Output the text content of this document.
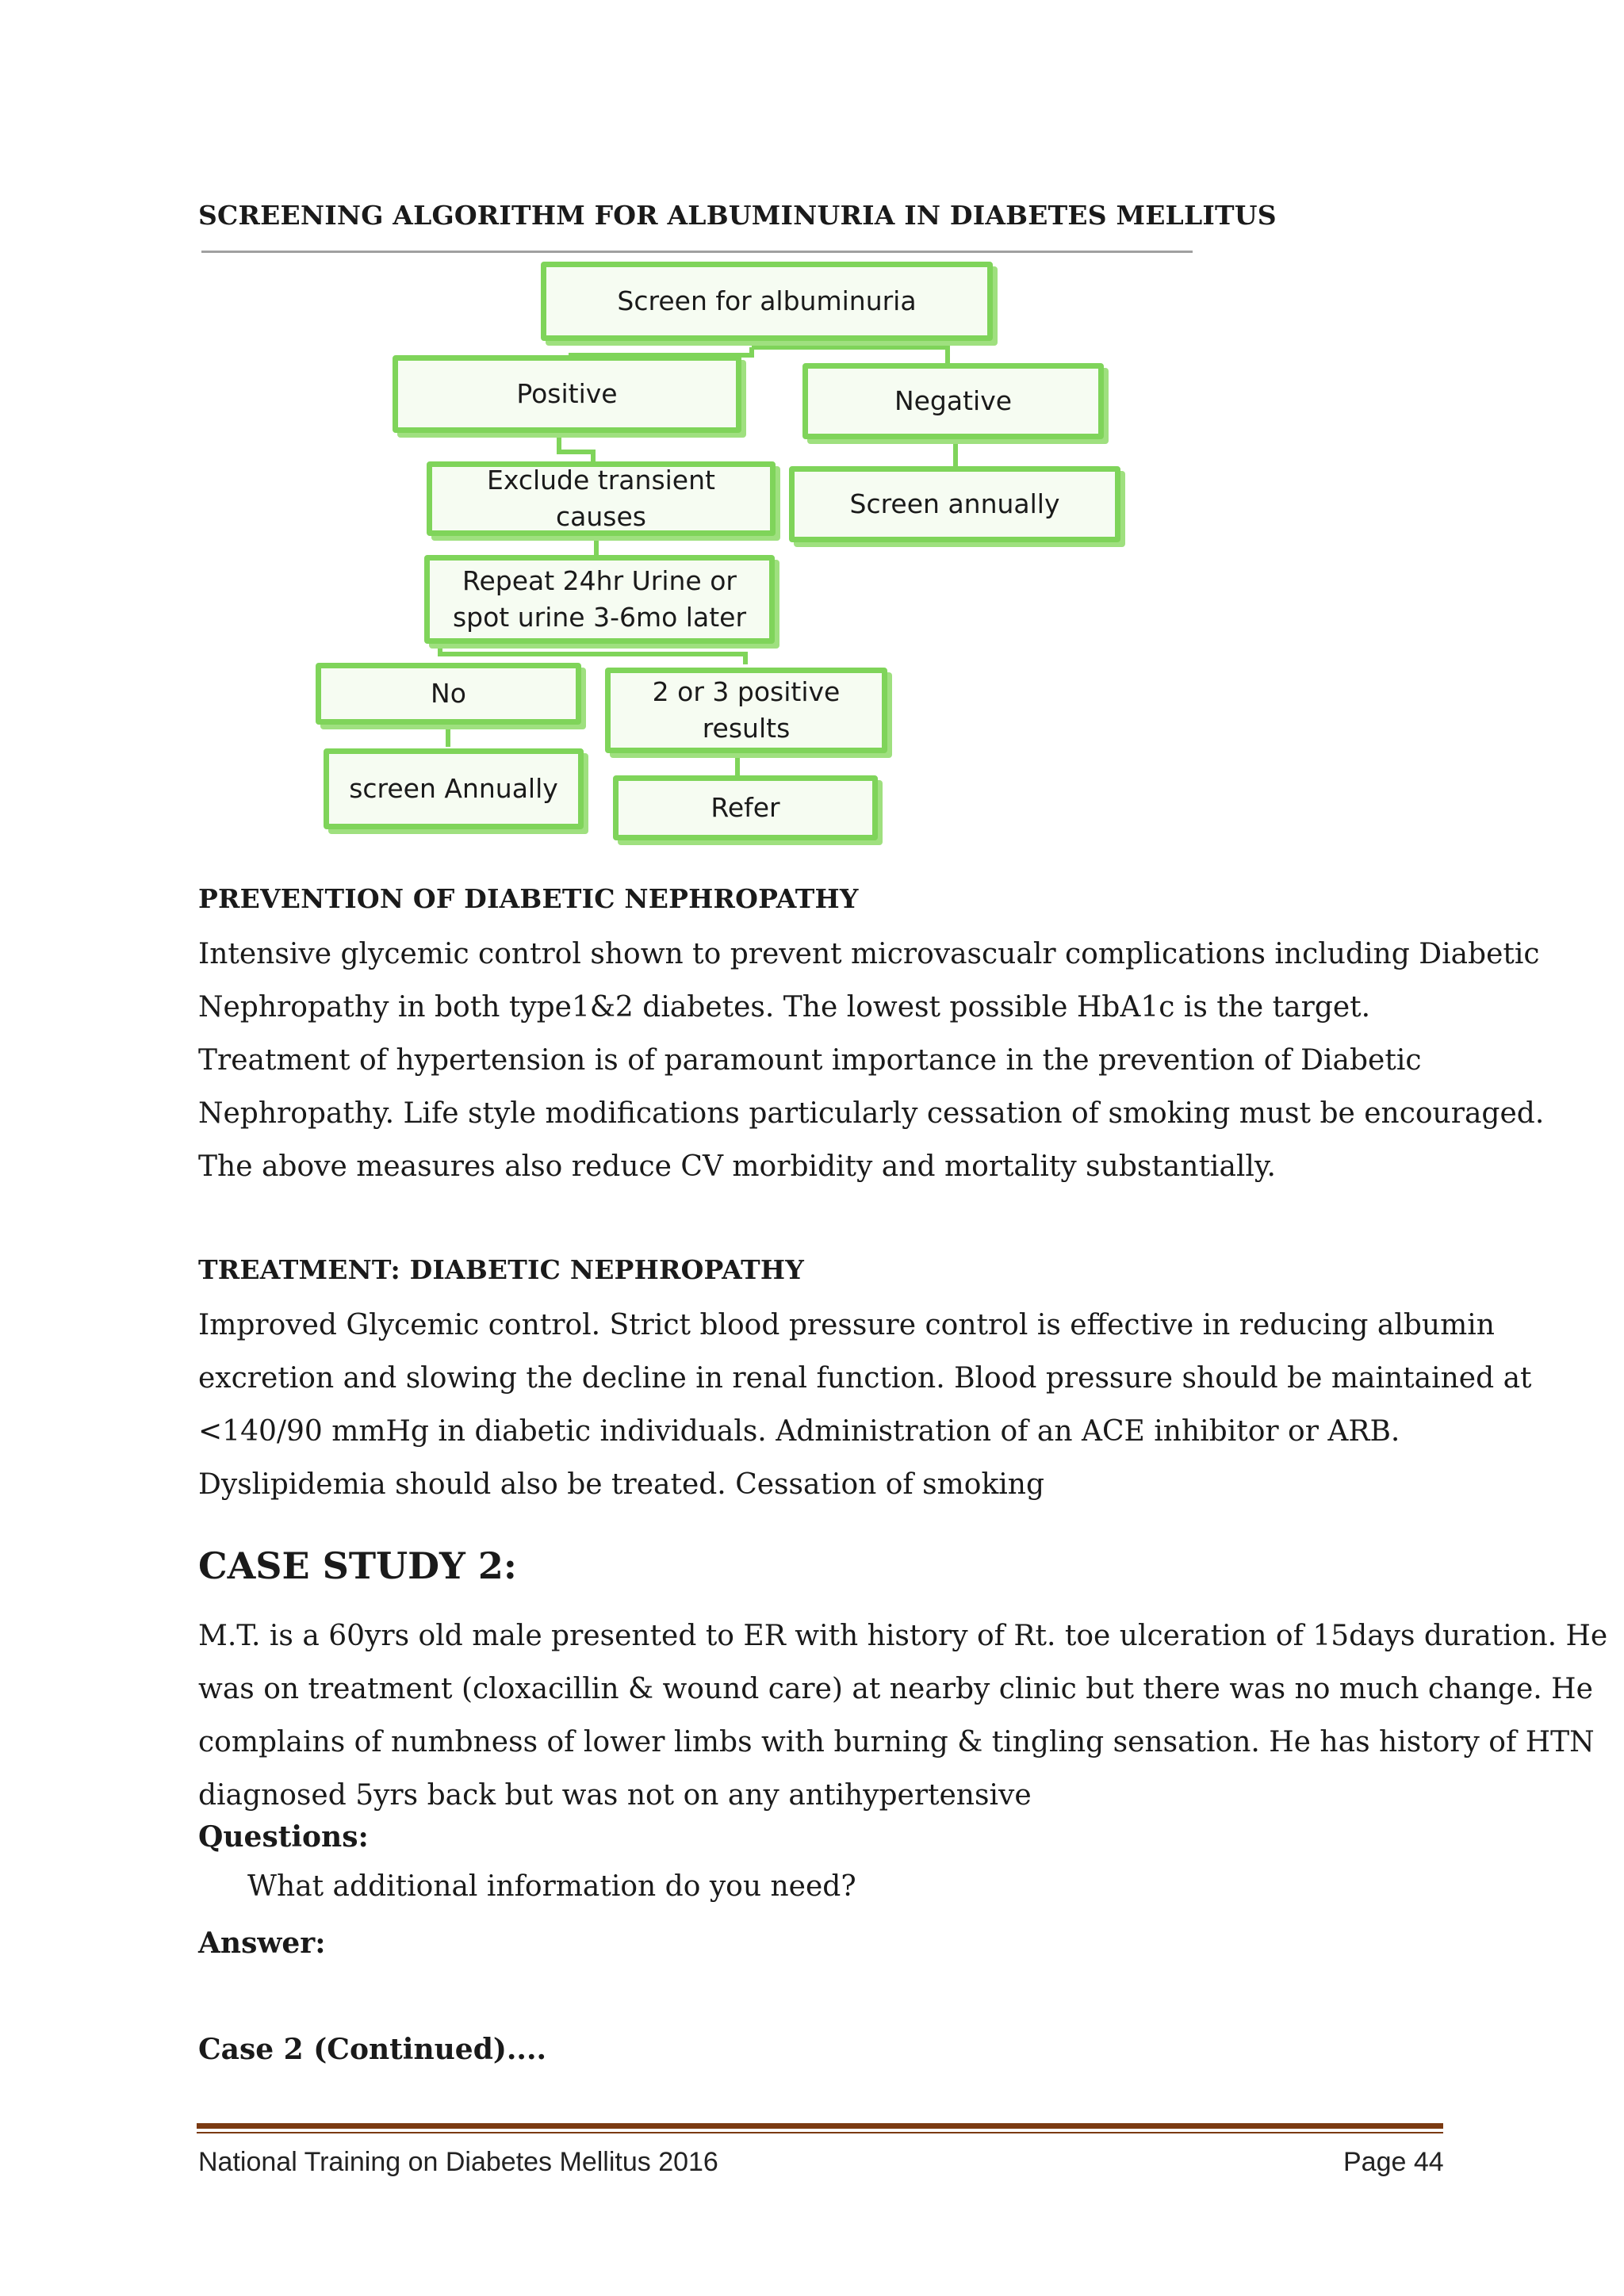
SCREENING ALGORITHM FOR ALBUMINURIA IN DIABETES MELLITUS
Screen for albuminuria
Positive	Negative
Exclude transient causes	Screen annually
Repeat 24hr Urine or spot urine 3-6mo later
No	2 or 3 positive results
screen Annually
Refer
PREVENTION OF DIABETIC NEPHROPATHY
Intensive glycemic control shown to prevent microvascualr complications including Diabetic
Nephropathy in both type1&2 diabetes. The lowest possible HbA1c is the target.
Treatment of hypertension is of paramount importance in the prevention of Diabetic
Nephropathy. Life style modifications particularly cessation of smoking must be encouraged.
The above measures also reduce CV morbidity and mortality substantially.
TREATMENT: DIABETIC NEPHROPATHY
Improved Glycemic control. Strict blood pressure control is effective in reducing albumin
excretion and slowing the decline in renal function. Blood pressure should be maintained at
<140/90 mmHg in diabetic individuals. Administration of an ACE inhibitor or ARB.
Dyslipidemia should also be treated. Cessation of smoking
CASE STUDY 2:
M.T. is a 60yrs old male presented to ER with history of Rt. toe ulceration of 15days duration. He
was on treatment (cloxacillin & wound care) at nearby clinic but there was no much change. He
complains of numbness of lower limbs with burning & tingling sensation. He has history of HTN
diagnosed 5yrs back but was not on any antihypertensive
Questions:
What additional information do you need?
Answer:
Case 2 (Continued)....
National Training on Diabetes Mellitus 2016	Page 44
